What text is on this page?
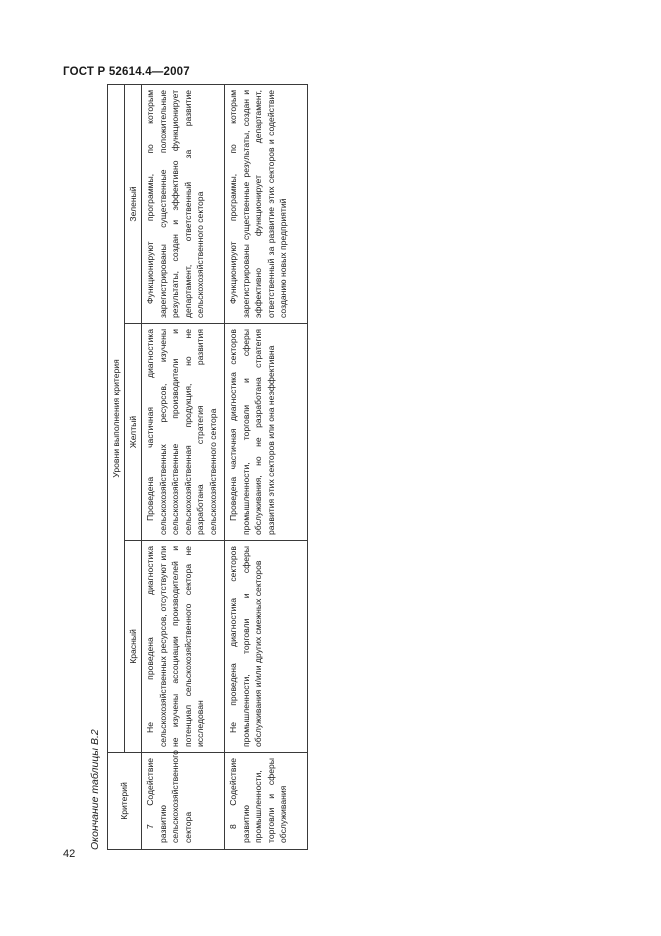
ГОСТ Р 52614.4—2007
Окончание таблицы В.2
Критерий	Уровни выполнения критерия		
	Красный	Желтый	Зеленый

7 Содействие развитию сельскохозяйственного сектора	Не проведена диагностика сельскохозяйственных ресурсов, отсутствуют или не изучены ассоциации производителей и потенциал сельскохозяйственного сектора не исследован	Проведена частичная диагностика сельскохозяйственных ресурсов, изучены сельскохозяйственные производители и сельскохозяйственная продукция, но не разработана стратегия развития сельскохозяйственного сектора	Функционируют программы, по которым зарегистрированы существенные положительные результаты, создан и эффективно функционирует департамент, ответственный за развитие сельскохозяйственного сектора

8 Содействие развитию промышленности, торговли и сферы обслуживания	Не проведена диагностика секторов промышленности, торговли и сферы обслуживания и/или других смежных секторов	Проведена частичная диагностика секторов промышленности, торговли и сферы обслуживания, но не разработана стратегия развития этих секторов или она неэффективна	Функционируют программы, по которым зарегистрированы существенные результаты, создан и эффективно функционирует департамент, ответственный за развитие этих секторов и содействие созданию новых предприятий

42
